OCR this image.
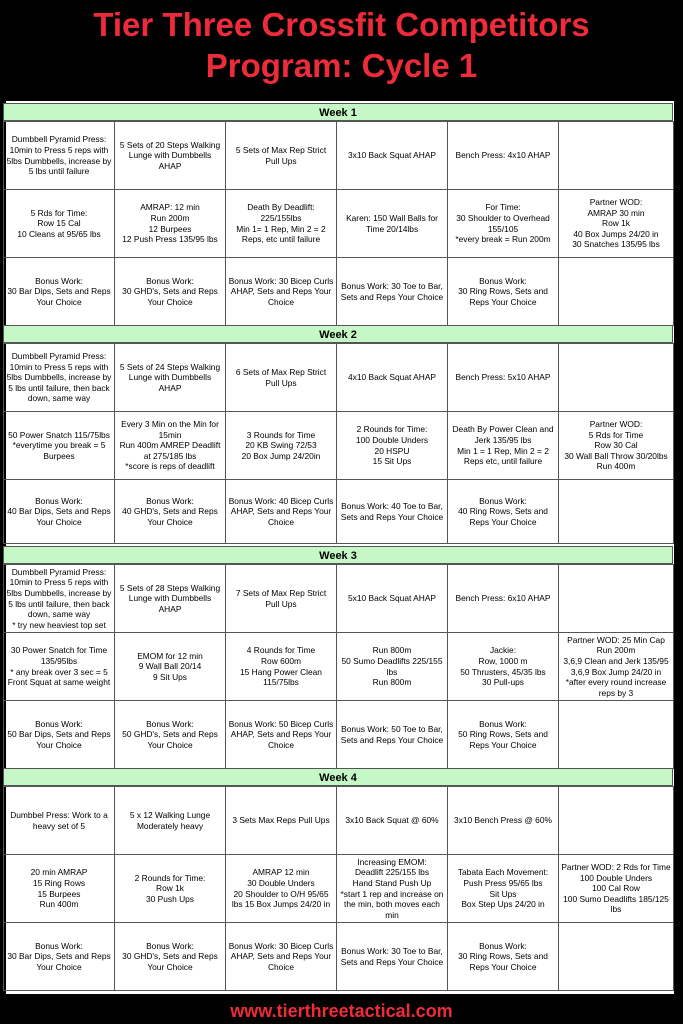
Tier Three Crossfit Competitors
Program: Cycle 1
Week 1
Dumbbell Pyramid Press:
10min to Press 5 reps with 5lbs Dumbbells, increase by 5 lbs until failure	5 Sets of 20 Steps Walking Lunge with Dumbbells AHAP	5 Sets of Max Rep Strict Pull Ups	3x10 Back Squat AHAP	Bench Press: 4x10 AHAP	
5 Rds for Time:
Row 15 Cal
10 Cleans at 95/65 lbs	AMRAP: 12 min
Run 200m
12 Burpees
12 Push Press 135/95 lbs	Death By Deadlift:
225/155lbs
Min 1= 1 Rep, Min 2 = 2 Reps, etc until failure	Karen: 150 Wall Balls for Time 20/14lbs	For Time:
30 Shoulder to Overhead 155/105
*every break = Run 200m	Partner WOD:
AMRAP 30 min
Row 1k
40 Box Jumps 24/20 in
30 Snatches 135/95 lbs
Bonus Work:
30 Bar Dips, Sets and Reps Your Choice	Bonus Work:
30 GHD's, Sets and Reps Your Choice	Bonus Work: 30 Bicep Curls AHAP, Sets and Reps Your Choice	Bonus Work: 30 Toe to Bar, Sets and Reps Your Choice	Bonus Work:
30 Ring Rows, Sets and Reps Your Choice	
Week 2
Dumbbell Pyramid Press:
10min to Press 5 reps with 5lbs Dumbbells, increase by 5 lbs until failure, then back down, same way	5 Sets of 24 Steps Walking Lunge with Dumbbells AHAP	6 Sets of Max Rep Strict Pull Ups	4x10 Back Squat AHAP	Bench Press: 5x10 AHAP	
50 Power Snatch 115/75lbs
*everytime you break = 5 Burpees	Every 3 Min on the Min for 15min
Run 400m AMREP Deadlift at 275/185 lbs
*score is reps of deadlift	3 Rounds for Time
20 KB Swing 72/53
20 Box Jump 24/20in	2 Rounds for Time:
100 Double Unders
20 HSPU
15 Sit Ups	Death By Power Clean and Jerk 135/95 lbs
Min 1 = 1 Rep, Min 2 = 2 Reps etc, until failure	Partner WOD:
5 Rds for Time
Row 30 Cal
30 Wall Ball Throw 30/20lbs
Run 400m
Bonus Work:
40 Bar Dips, Sets and Reps Your Choice	Bonus Work:
40 GHD's, Sets and Reps Your Choice	Bonus Work: 40 Bicep Curls AHAP, Sets and Reps Your Choice	Bonus Work: 40 Toe to Bar, Sets and Reps Your Choice	Bonus Work:
40 Ring Rows, Sets and Reps Your Choice	
Week 3
Dumbbell Pyramid Press:
10min to Press 5 reps with 5lbs Dumbbells, increase by 5 lbs until failure, then back down, same way
* try new heaviest top set	5 Sets of 28 Steps Walking Lunge with Dumbbells AHAP	7 Sets of Max Rep Strict Pull Ups	5x10 Back Squat AHAP	Bench Press: 6x10 AHAP	
30 Power Snatch for Time 135/95lbs
* any break over 3 sec = 5 Front Squat at same weight	EMOM for 12 min
9 Wall Ball 20/14
9 Sit Ups	4 Rounds for Time
Row 600m
15 Hang Power Clean 115/75lbs	Run 800m
50 Sumo Deadlifts 225/155 lbs
Run 800m	Jackie:
Row, 1000 m
50 Thrusters, 45/35 lbs
30 Pull-ups	Partner WOD: 25 Min Cap
Run 200m
3,6,9 Clean and Jerk 135/95
3,6,9 Box Jump 24/20 in
*after every round increase reps by 3
Bonus Work:
50 Bar Dips, Sets and Reps Your Choice	Bonus Work:
50 GHD's, Sets and Reps Your Choice	Bonus Work: 50 Bicep Curls AHAP, Sets and Reps Your Choice	Bonus Work: 50 Toe to Bar, Sets and Reps Your Choice	Bonus Work:
50 Ring Rows, Sets and Reps Your Choice	
Week 4
Dumbbel Press: Work to a heavy set of 5	5 x 12 Walking Lunge Moderately heavy	3 Sets Max Reps Pull Ups	3x10 Back Squat @ 60%	3x10 Bench Press @ 60%	
20 min AMRAP
15 Ring Rows
15 Burpees
Run 400m	2 Rounds for Time:
Row 1k
30 Push Ups	AMRAP 12 min
30 Double Unders
20 Shoulder to O/H 95/65 lbs 15 Box Jumps 24/20 in	Increasing EMOM:
Deadlift 225/155 lbs
Hand Stand Push Up
*start 1 rep and increase on the min, both moves each min	Tabata Each Movement:
Push Press 95/65 lbs
Sit Ups
Box Step Ups 24/20 in	Partner WOD: 2 Rds for Time
100 Double Unders
100 Cal Row
100 Sumo Deadlifts 185/125 lbs
Bonus Work:
30 Bar Dips, Sets and Reps Your Choice	Bonus Work:
30 GHD's, Sets and Reps Your Choice	Bonus Work: 30 Bicep Curls AHAP, Sets and Reps Your Choice	Bonus Work: 30 Toe to Bar, Sets and Reps Your Choice	Bonus Work:
30 Ring Rows, Sets and Reps Your Choice	
www.tierthreetactical.com
